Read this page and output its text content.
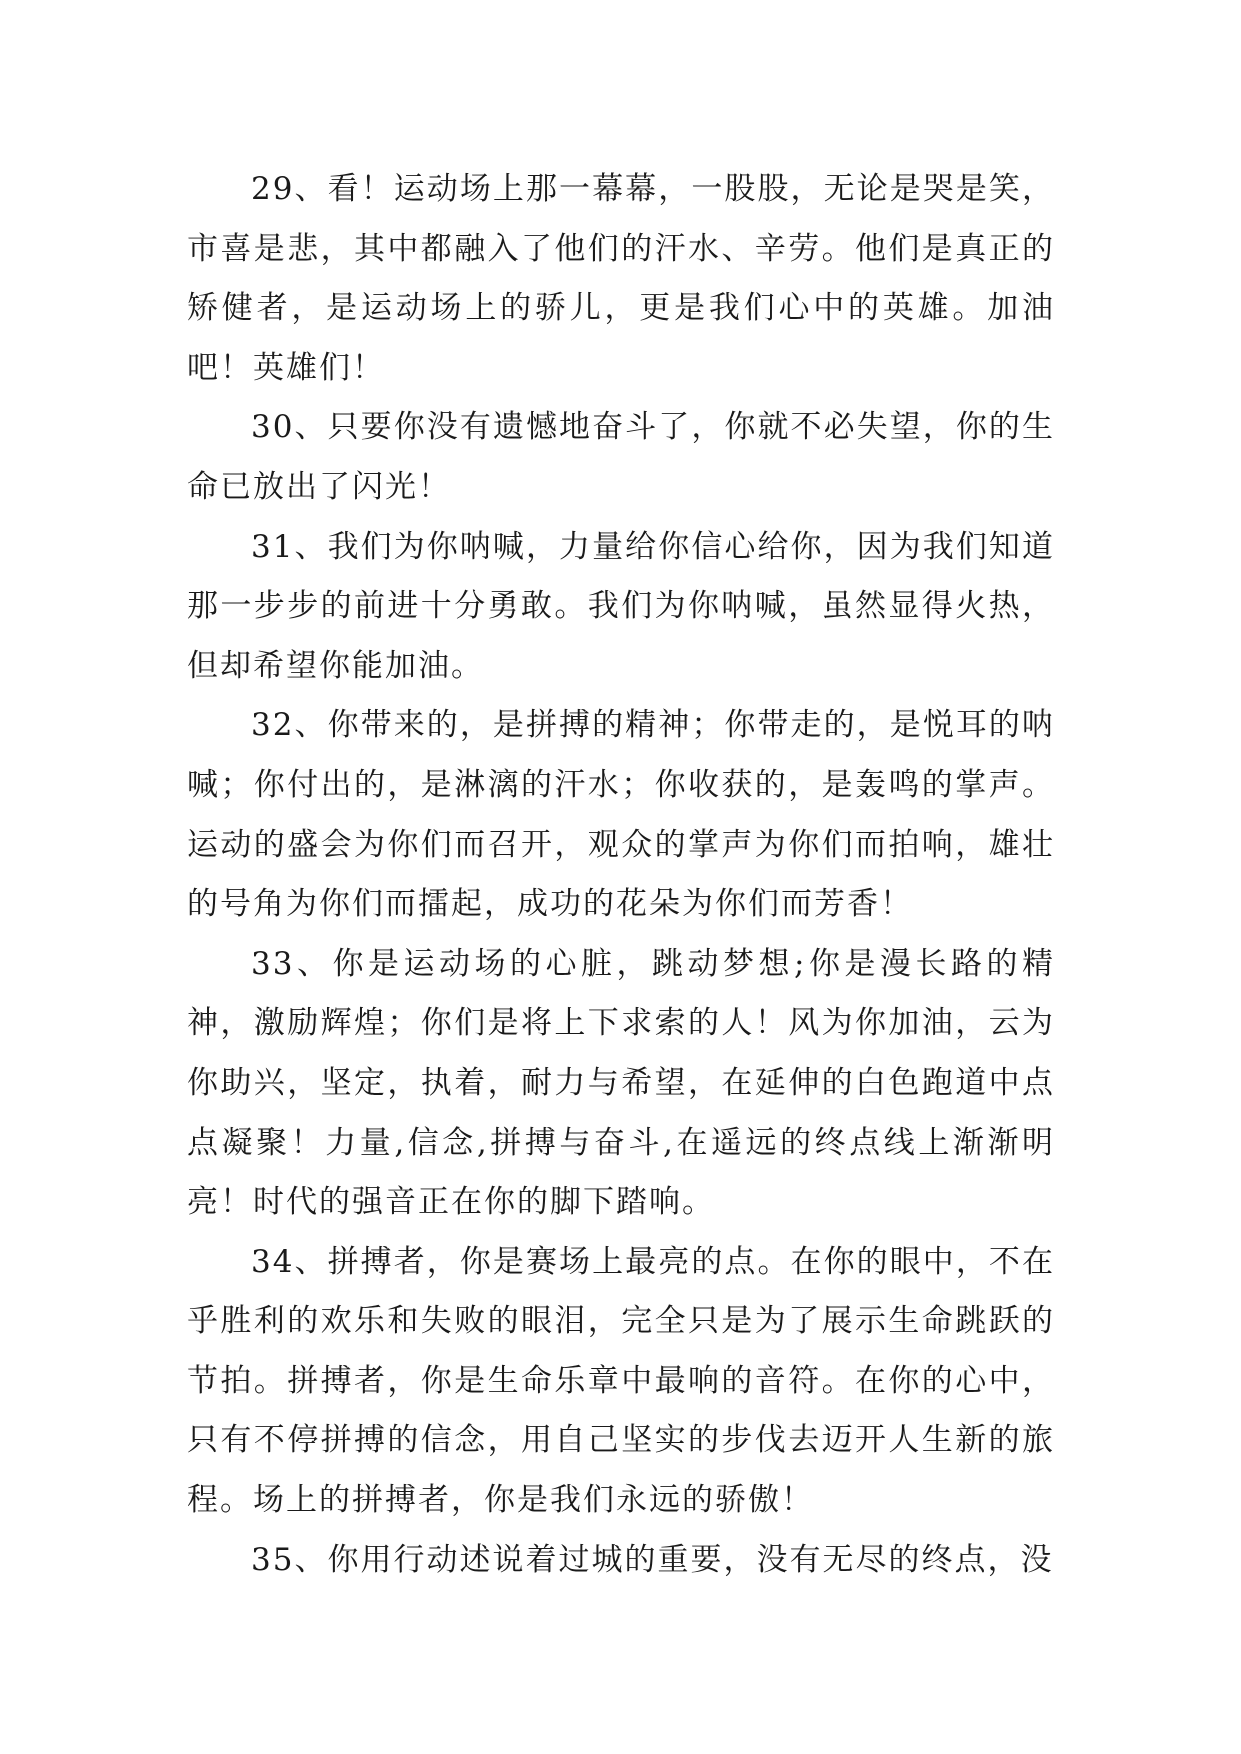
29、看！运动场上那一幕幕，一股股，无论是哭是笑，市喜是悲，其中都融入了他们的汗水、辛劳。他们是真正的矫健者，是运动场上的骄儿，更是我们心中的英雄。加油吧！英雄们！

30、只要你没有遗憾地奋斗了，你就不必失望，你的生命已放出了闪光！

31、我们为你呐喊，力量给你信心给你，因为我们知道那一步步的前进十分勇敢。我们为你呐喊，虽然显得火热，但却希望你能加油。

32、你带来的，是拼搏的精神；你带走的，是悦耳的呐喊；你付出的，是淋漓的汗水；你收获的，是轰鸣的掌声。运动的盛会为你们而召开，观众的掌声为你们而拍响，雄壮的号角为你们而擂起，成功的花朵为你们而芳香！

33、你是运动场的心脏，跳动梦想;你是漫长路的精神，激励辉煌；你们是将上下求索的人！风为你加油，云为你助兴，坚定，执着，耐力与希望，在延伸的白色跑道中点点凝聚！力量,信念,拼搏与奋斗,在遥远的终点线上渐渐明亮！时代的强音正在你的脚下踏响。

34、拼搏者，你是赛场上最亮的点。在你的眼中，不在乎胜利的欢乐和失败的眼泪，完全只是为了展示生命跳跃的节拍。拼搏者，你是生命乐章中最响的音符。在你的心中，只有不停拼搏的信念，用自己坚实的步伐去迈开人生新的旅程。场上的拼搏者，你是我们永远的骄傲！

35、你用行动述说着过城的重要，没有无尽的终点，没
